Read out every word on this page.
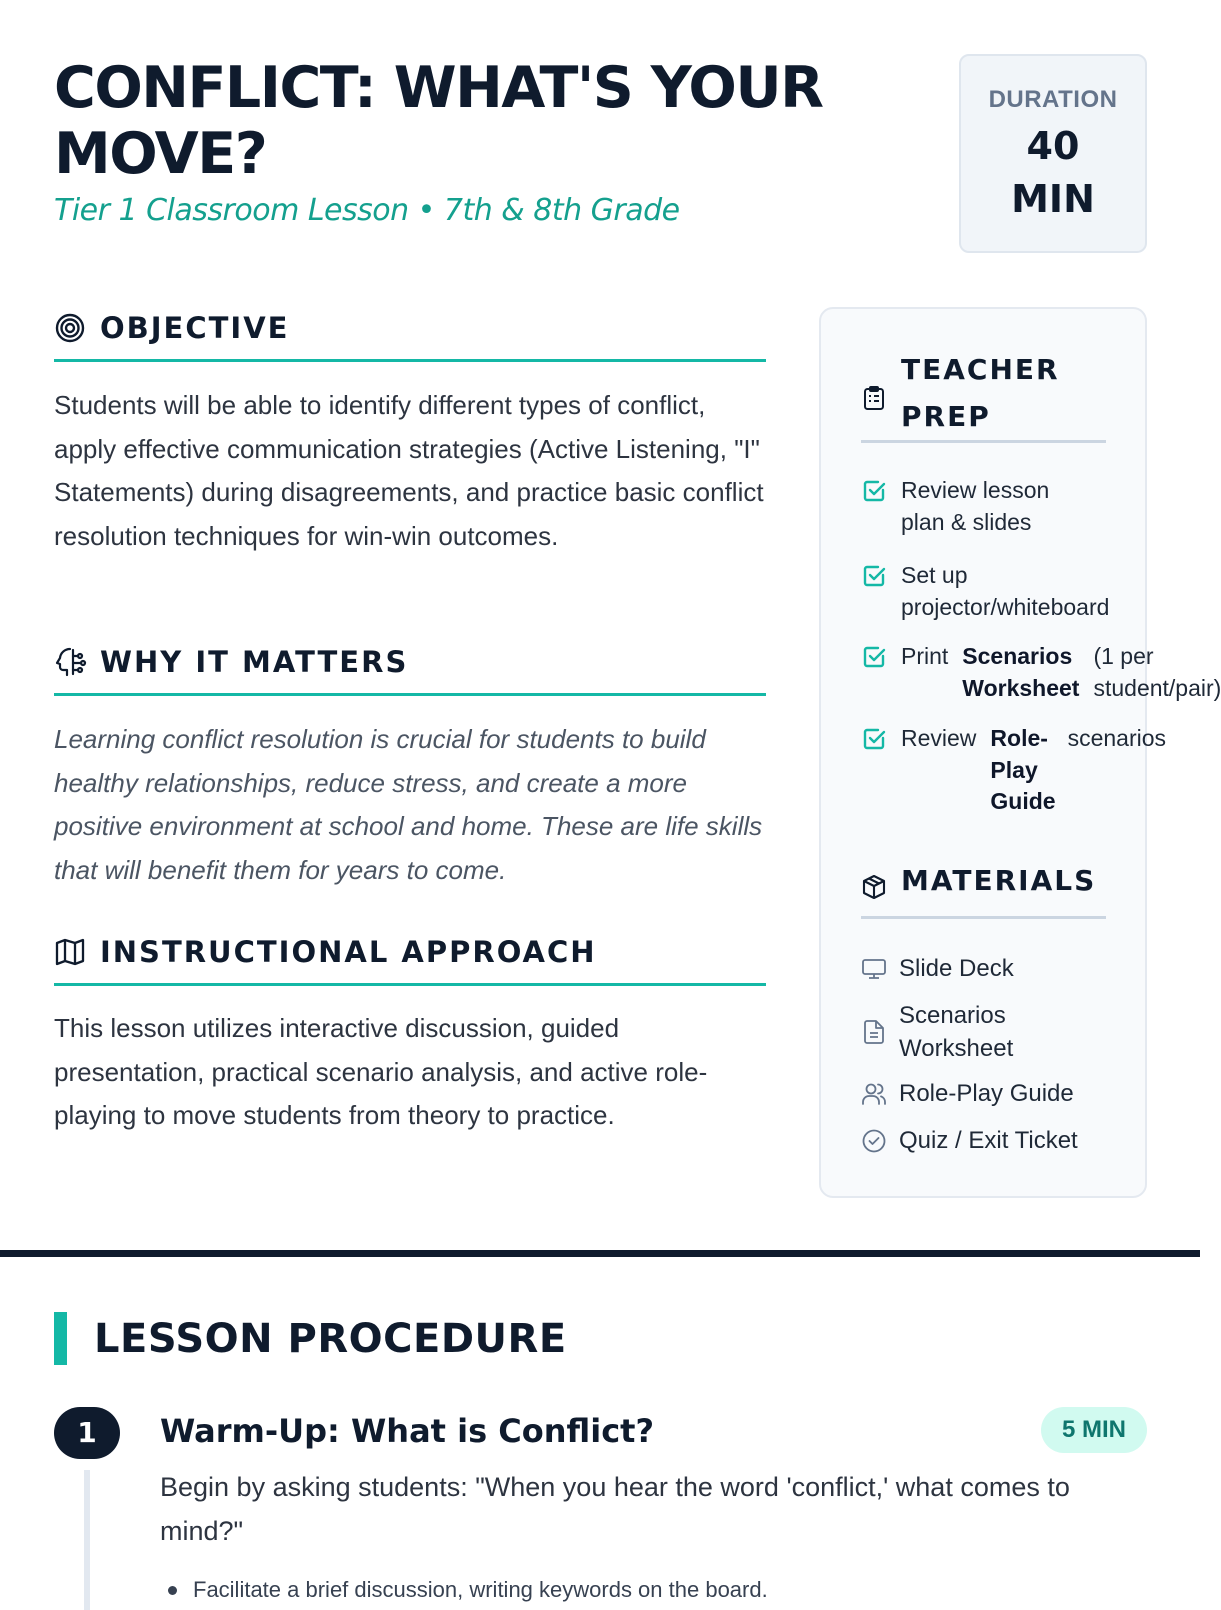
CONFLICT: WHAT'S YOUR MOVE?
Tier 1 Classroom Lesson • 7th & 8th Grade
DURATION
40
MIN
OBJECTIVE
Students will be able to identify different types of conflict, apply effective communication strategies (Active Listening, "I" Statements) during disagreements, and practice basic conflict resolution techniques for win-win outcomes.
WHY IT MATTERS
Learning conflict resolution is crucial for students to build healthy relationships, reduce stress, and create a more positive environment at school and home. These are life skills that will benefit them for years to come.
INSTRUCTIONAL APPROACH
This lesson utilizes interactive discussion, guided presentation, practical scenario analysis, and active role-playing to move students from theory to practice.
TEACHER
PREP
Review lesson plan & slides
Set up projector/whiteboard
Print Scenarios Worksheet
(1 per
student/pair)
Review Role-Play Guide
scenarios
MATERIALS
Slide Deck
Scenarios Worksheet
Role-Play Guide
Quiz / Exit Ticket
LESSON PROCEDURE
1	Warm-Up: What is Conflict?	5 MIN
Begin by asking students: "When you hear the word 'conflict,' what comes to mind?"
Facilitate a brief discussion, writing keywords on the board.
